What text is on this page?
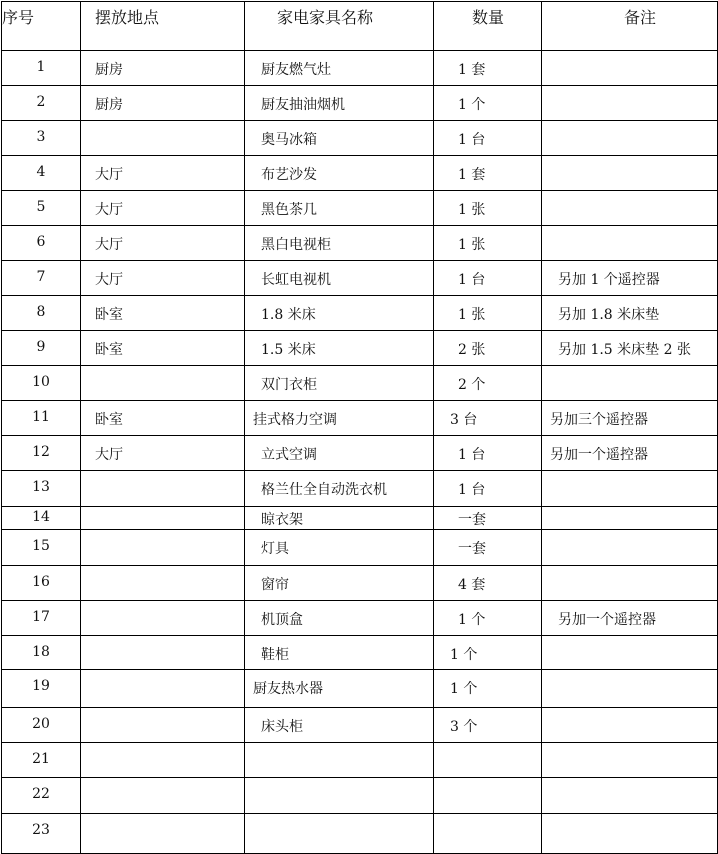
序号	摆放地点	家电家具名称	数量	备注
1	厨房	厨友燃气灶	1 套	
2	厨房	厨友抽油烟机	1 个	
3		奥马冰箱	1 台	
4	大厅	布艺沙发	1 套	
5	大厅	黑色茶几	1 张	
6	大厅	黑白电视柜	1 张	
7	大厅	长虹电视机	1 台	另加 1 个遥控器
8	卧室	1.8 米床	1 张	另加 1.8 米床垫
9	卧室	1.5 米床	2 张	另加 1.5 米床垫 2 张
10		双门衣柜	2 个	
11	卧室	挂式格力空调	3 台	另加三个遥控器
12	大厅	立式空调	1 台	另加一个遥控器
13		格兰仕全自动洗衣机	1 台	
14		晾衣架	一套	
15		灯具	一套	
16		窗帘	4 套	
17		机顶盒	1 个	另加一个遥控器
18		鞋柜	1 个	
19		厨友热水器	1 个	
20		床头柜	3 个	
21				
22				
23				
